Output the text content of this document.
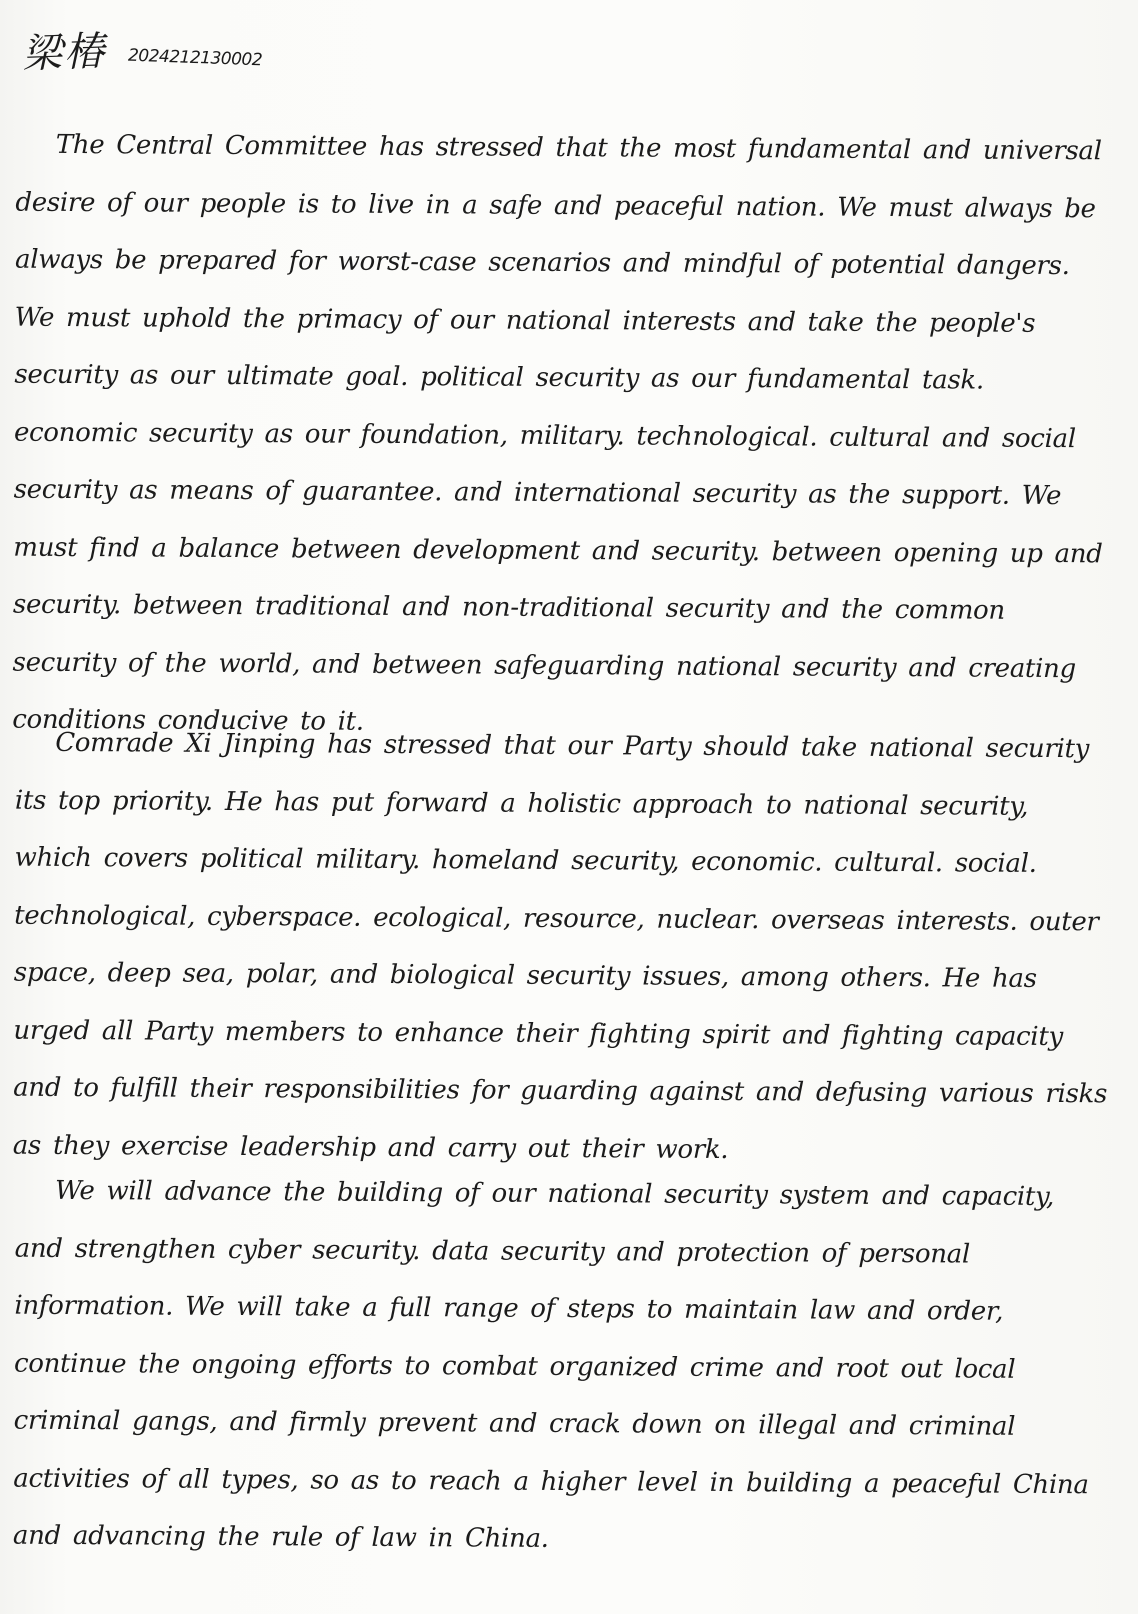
梁椿 2024212130002

The Central Committee has stressed that the most fundamental and universal desire of our people is to live in a safe and peaceful nation. We must always be always be prepared for worst-case scenarios and mindful of potential dangers. We must uphold the primacy of our national interests and take the people's security as our ultimate goal. political security as our fundamental task. economic security as our foundation, military. technological. cultural and social security as means of guarantee. and international security as the support. We must find a balance between development and security. between opening up and security. between traditional and non-traditional security and the common security of the world, and between safeguarding national security and creating conditions conducive to it.

Comrade Xi Jinping has stressed that our Party should take national security its top priority. He has put forward a holistic approach to national security, which covers political military. homeland security, economic. cultural. social. technological, cyberspace. ecological, resource, nuclear. overseas interests. outer space, deep sea, polar, and biological security issues, among others. He has urged all Party members to enhance their fighting spirit and fighting capacity and to fulfill their responsibilities for guarding against and defusing various risks as they exercise leadership and carry out their work.

We will advance the building of our national security system and capacity, and strengthen cyber security. data security and protection of personal information. We will take a full range of steps to maintain law and order, continue the ongoing efforts to combat organized crime and root out local criminal gangs, and firmly prevent and crack down on illegal and criminal activities of all types, so as to reach a higher level in building a peaceful China and advancing the rule of law in China.
